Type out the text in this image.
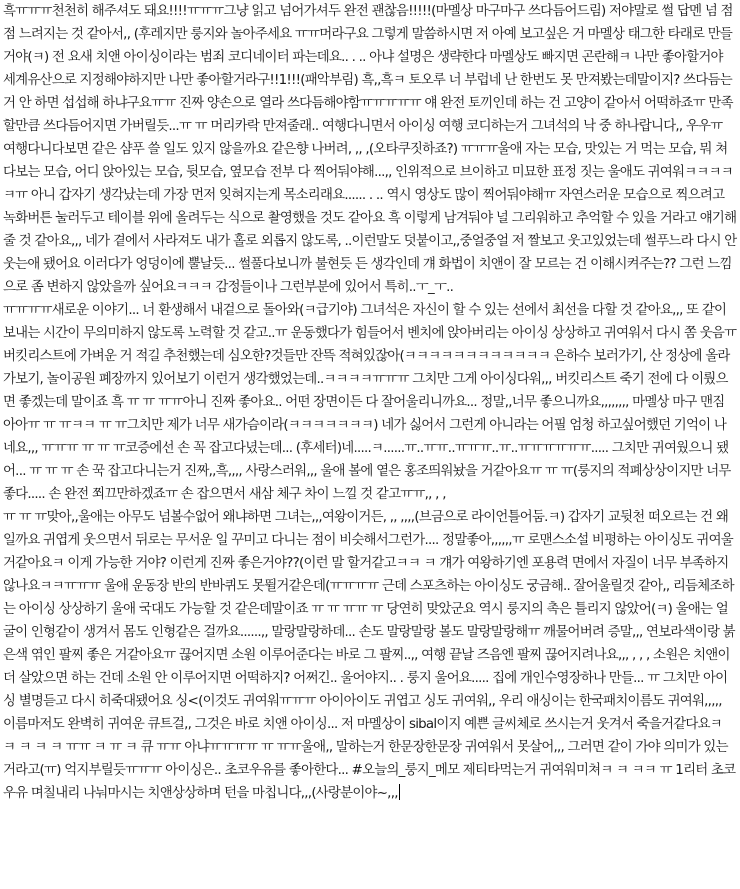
흑ㅠㅠㅠ천천히 해주셔도 돼요!!!!ㅠㅠㅠ그냥 읽고 넘어가셔두 완전 괜찮음!!!!!(마멜상 마구마구 쓰다듬어드림) 저야말로 썰 답멘 넘 점점 느려지는 것 같아서,, (후레지만 룽지와 놀아주세요 ㅠㅠ머라구요 그렇게 말씀하시면 저 아예 보고싶은 거 마멜상 태그한 타래로 만들거야(ㅋ) 전 요새 치앤 아이싱이라는 범죄 코디네이터 파는데요.. . .. 아냐 설명은 생략한다 마멜상도 빠지면 곤란해ㅋ 나만 좋아할거야 세계유산으로 지정해야하지만 나만 좋아할거라구!!1!!!(패악부림) 흑,,흑ㅋ 토오루 너 부럽네 난 한번도 못 만져봤는데말이지? 쓰다듬는거 안 하면 섭섭해 하냐구요ㅠㅠ 진짜 양손으로 열라 쓰다듬해야함ㅠㅠㅠㅠㅠ 얘 완전 토끼인데 하는 건 고양이 같아서 어떡하죠ㅠ 만족할만큼 쓰다듬어지면 가버릴듯...ㅠ ㅠ 머리카락 만져줄래.. 여행다니면서 아이싱 여행 코디하는거 그녀석의 낙 중 하나랍니다,, 우우ㅠ 여행다니다보면 같은 샴푸 쓸 일도 있지 않을까요 같은향 나버려, ,, ,(오타쿠짓하죠?) ㅠㅠㅠ울애 자는 모습, 맛있는 거 먹는 모습, 뭐 쳐다보는 모습, 어디 앉아있는 모습, 뒷모습, 옆모습 전부 다 찍어둬야해...,, 인위적으로 브이하고 미묘한 표정 짓는 울애도 귀여워ㅋㅋㅋㅋㅋㅠ 아니 갑자기 생각났는데 가장 먼저 잊혀지는게 목소리래요...... . .. 역시 영상도 많이 찍어둬야해ㅠ 자연스러운 모습으로 찍으려고 녹화버튼 눌러두고 테이블 위에 올려두는 식으로 촬영했을 것도 같아요 흑 이렇게 남겨둬야 널 그리워하고 추억할 수 있을 거라고 얘기해줄 것 같아요,,, 네가 곁에서 사라져도 내가 홀로 외롭지 않도록, ..이런말도 덧붙이고,,중얼중얼 저 짤보고 웃고있었는데 썰푸느라 다시 안 웃는애 됐어요 이러다가 엉덩이에 뿔날듯... 썰풀다보니까 불현듯 든 생각인데 걔 화법이 치앤이 잘 모르는 건 이해시켜주는?? 그런 느낌으로 좀 변하지 않았을까 싶어요ㅋㅋㅋ 감정들이나 그런부분에 있어서 특히..ㅜ_ㅜ..

ㅠㅠㅠㅠ새로운 이야기... 너 환생해서 내겉으로 돌아와(ㅋ급기야) 그녀석은 자신이 할 수 있는 선에서 최선을 다할 것 같아요,,, 또 같이 보내는 시간이 무의미하지 않도록 노력할 것 같고..ㅠ 운동했다가 힘들어서 벤치에 앉아버리는 아이싱 상상하고 귀여워서 다시 쫌 웃음ㅠ 버킷리스트에 가벼운 거 적길 추천했는데 심오한?것들만 잔뜩 적혀있잖아(ㅋㅋㅋㅋㅋㅋㅋㅋㅋㅋㅋㅋ 은하수 보러가기, 산 정상에 올라가보기, 놀이공원 폐장까지 있어보기 이런거 생각했었는데..ㅋㅋㅋㅋㅠㅠㅠ 그치만 그게 아이싱다워,,, 버킷리스트 죽기 전에 다 이뤘으면 좋겠는데 말이죠 흑 ㅠ ㅠ ㅠㅠ아니 진짜 좋아요.. 어떤 장면이든 다 잘어울리니까요... 정말,,너무 좋으니까요,,,,,,,, 마멜상 마구 맨짐 아아ㅠ ㅠ ㅠㅋㅋ ㅠ ㅠ그치만 제가 너무 새가슴이라(ㅋㅋㅋㅋㅋㅋㅋ) 네가 싫어서 그런게 아니라는 어필 엄청 하고싶어했던 기억이 나네요,,, ㅠㅠㅠ ㅠ ㅠ ㅠ코증에선 손 꼭 잡고다녔는데... (후세터)네.....ㅋ......ㅠ..ㅠㅠ..ㅠㅠㅠ..ㅠ..ㅠㅠㅠㅠㅠㅠ..... 그치만 귀여웠으니 됐어... ㅠ ㅠ ㅠ 손 꾹 잡고다니는거 진짜,,흑,,,, 사랑스러워,,, 울애 볼에 옅은 홍조띄워놨을 거같아요ㅠ ㅠ ㅠ(룽지의 적폐상상이지만 너무 좋다..... 손 완전 쬐끄만하겠죠ㅠ 손 잡으면서 새삼 체구 차이 느낄 것 같고ㅠㅠ,, , ,

ㅠ ㅠ ㅠ맞아,,울애는 아무도 넘볼수없어 왜냐하면 그녀는,,,여왕이거든, ,, ,,,,(브금으로 라이언틀어둠.ㅋ) 갑자기 교뒷천 떠오르는 건 왜일까요 귀엽게 웃으면서 뒤로는 무서운 일 꾸미고 다니는 점이 비슷해서그런가.... 정말좋아,,,,,,ㅠ 로맨스소설 비평하는 아이싱도 귀여울거같아요ㅋ 이게 가능한 거야? 이런게 진짜 좋은거야??(이런 말 할거같고ㅋㅋ ㅋ 걔가 여왕하기엔 포용력 면에서 자질이 너무 부족하지 않나요ㅋㅋㅠㅠㅠ 울애 운동장 반의 반바퀴도 못뛸거같은데(ㅠㅠㅠㅠ 근데 스포츠하는 아이싱도 궁금해.. 잘어울릴것 같아,, 리듬체조하는 아이싱 상상하기 울애 국대도 가능할 것 같은데말이죠 ㅠ ㅠ ㅠㅠ ㅠ 당연히 맞았군요 역시 룽지의 촉은 틀리지 않았어(ㅋ) 울애는 얼굴이 인형같이 생겨서 몸도 인형같은 걸까요......,, 말랑말랑하데... 손도 말랑말랑 볼도 말랑말랑해ㅠ 깨물어버려 증말,,, 연보라색이랑 붉은색 엮인 팔찌 좋은 거같아요ㅠ 끊어지면 소원 이루어준다는 바로 그 팔찌..,, 여행 끝날 즈음엔 팔찌 끊어지려나요,,, , , , 소원은 치앤이 더 살았으면 하는 건데 소원 안 이루어지면 어떡하지? 어쩌긴.. 울어야지.. . 룽지 울어요..... 집에 개인수영장하나 만들... ㅠ 그치만 아이싱 별명듣고 다시 히죽대됐어요 싱<(이것도 귀여워ㅠㅠㅠ 아이아이도 귀엽고 싱도 귀여워,, 우리 애싱이는 한국패치이름도 귀여워,,,,, 이름마저도 완벽히 귀여운 큐트걸,, 그것은 바로 치앤 아이싱... 저 마멜상이 sibal이지 예쁜 글씨체로 쓰시는거 웃겨서 죽을거같다요ㅋ ㅋ ㅋ ㅋ ㅋ ㅠㅠ ㅋ ㅠ ㅋ 큐 ㅠㅠ 아냐ㅠㅠㅠㅠ ㅠ ㅠㅠ울애,, 말하는거 한문장한문장 귀여워서 못살어,,, 그러면 같이 가야 의미가 있는거라고(ㅠ) 억지부릴듯ㅠㅠㅠ 아이싱은.. 초코우유를 좋아한다... #오늘의_룽지_메모 제티타먹는거 귀여워미쳐ㅋ ㅋ ㅋㅋ ㅠ 1리터 초코우유 며칠내리 나눠마시는 치앤상상하며 턴을 마칩니다,,,(사랑분이야~,,,
